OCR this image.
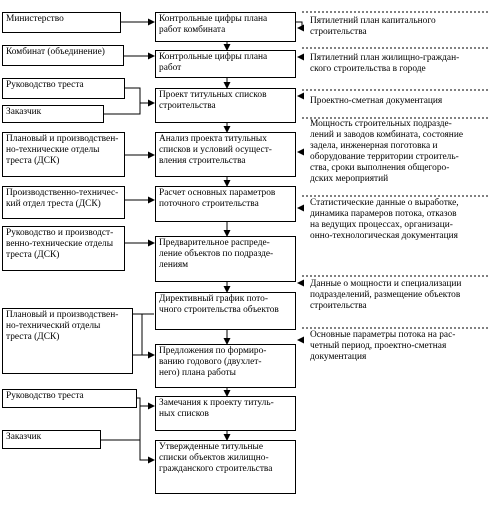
Министерство
Комбинат (объединение)
Руководство треста
Заказчик
Плановый и производствен-
но-технические отделы
треста (ДСК)
Производственно-техничес-
кий отдел треста (ДСК)
Руководство и производст-
венно-технические отделы
треста (ДСК)
Плановый и производствен-
но-технический отделы
треста (ДСК)
Руководство треста
Заказчик
Контрольные цифры плана
работ комбината
Контрольные цифры плана
работ
Проект титульных списков
строительства
Анализ проекта титульных
списков и условий осущест-
вления строительства
Расчет основных параметров
поточного строительства
Предварительное распреде-
ление объектов по подразде-
лениям
Директивный график пото-
чного строительства объектов
Предложения по формиро-
ванию годового (двухлет-
него) плана работы
Замечания к проекту титуль-
ных списков
Утвержденные титульные
списки объектов жилищно-
гражданского строительства
Пятилетний план капитального
строительства
Пятилетний план жилищно-граждан-
ского строительства в городе
Проектно-сметная документация
Мощность строительных подразде-
лений и заводов комбината, состояние
задела, инженерная поготовка и
оборудование территории строитель-
ства, сроки выполнения общегоро-
дских мероприятий
Статистические данные о выработке,
динамика парамеров потока, отказов
на ведущих процессах, организаци-
онно-технологическая документация
Данные о мощности и специализации
подразделений, размещение объектов
строительства
Основные параметры потока на рас-
четный период, проектно-сметная
документация
